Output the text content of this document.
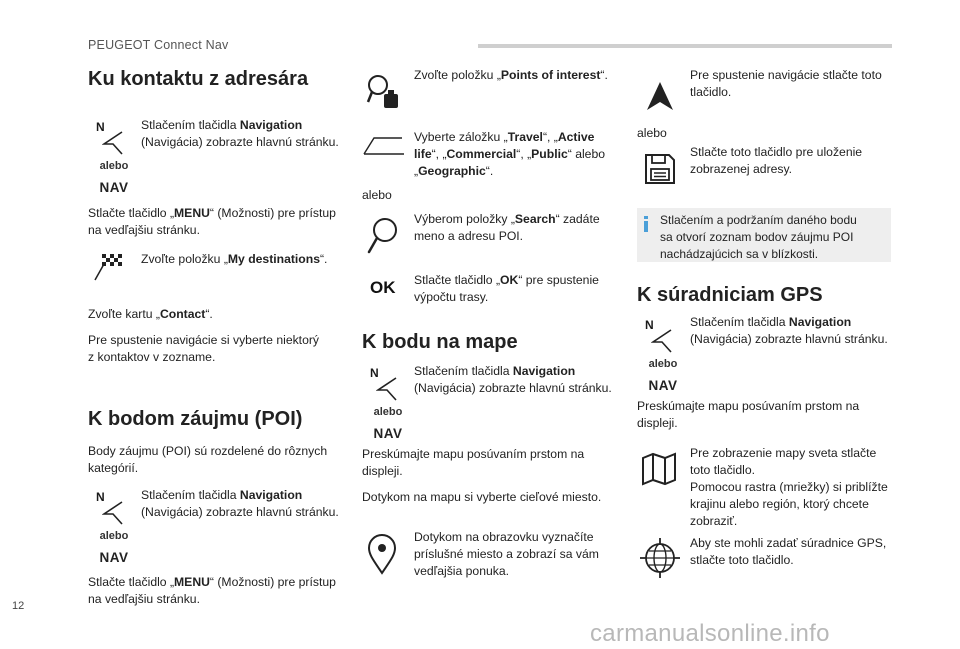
PEUGEOT Connect Nav
12
carmanualsonline.info
Ku kontaktu z adresára
N
alebo
NAV

Stlačením tlačidla Navigation
(Navigácia) zobrazte hlavnú stránku.

Stlačte tlačidlo „MENU“ (Možnosti) pre prístup
na vedľajšiu stránku.

Zvoľte položku „My destinations“.

Zvoľte kartu „Contact“.

Pre spustenie navigácie si vyberte niektorý
z kontaktov v zozname.

K bodom záujmu (POI)

Body záujmu (POI) sú rozdelené do rôznych
kategórií.

N
alebo
NAV

Stlačením tlačidla Navigation
(Navigácia) zobrazte hlavnú stránku.

Stlačte tlačidlo „MENU“ (Možnosti) pre prístup
na vedľajšiu stránku.

Zvoľte položku „Points of interest“.

Vyberte záložku „Travel“, „Active
life“, „Commercial“, „Public“ alebo
„Geographic“.

alebo

Výberom položky „Search“ zadáte
meno a adresu POI.

OK Stlačte tlačidlo „OK“ pre spustenie
výpočtu trasy.

K bodu na mape
N
alebo
NAV

Stlačením tlačidla Navigation
(Navigácia) zobrazte hlavnú stránku.

Preskúmajte mapu posúvaním prstom na
displeji.

Dotykom na mapu si vyberte cieľové miesto.

Dotykom na obrazovku vyznačíte
príslušné miesto a zobrazí sa vám
vedľajšia ponuka.

Pre spustenie navigácie stlačte toto
tlačidlo.

alebo

Stlačte toto tlačidlo pre uloženie
zobrazenej adresy.

Stlačením a podržaním daného bodu
sa otvorí zoznam bodov záujmu POI
nachádzajúcich sa v blízkosti.

K súradniciam GPS
N
alebo
NAV

Stlačením tlačidla Navigation
(Navigácia) zobrazte hlavnú stránku.

Preskúmajte mapu posúvaním prstom na
displeji.

Pre zobrazenie mapy sveta stlačte
toto tlačidlo.
Pomocou rastra (mriežky) si priblížte
krajinu alebo región, ktorý chcete
zobraziť.

Aby ste mohli zadať súradnice GPS,
stlačte toto tlačidlo.
